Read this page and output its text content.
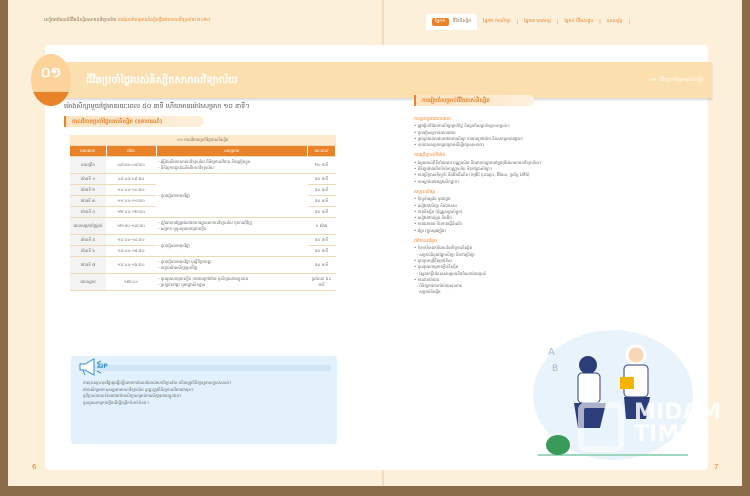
សៀវភៅណែនាំជីវិតនិស្សិតសាកលវិទ្យាល័យ ការណែនាំសម្រាប់និស្សិតថ្មីនៅសាកលវិទ្យាល័យ ២០២៤	ផ្នែក១	ជីវិតនិស្សិត	ផ្នែក២ ការសិក្សា | ផ្នែក៣ សេវាកម្ម | ផ្នែក៤ ជីវិតសង្គម | ឧបសម្ព័ន្ធ |
ជីវិតប្រចាំថ្ងៃរបស់និស្សិតសាកលវិទ្យាល័យ	០១. ជីវិតប្រចាំថ្ងៃរបស់និស្សិត
០១
ម៉ោងសិក្សាមួយថ្ងៃមានរយៈពេល ៥០ នាទី ហើយមានម៉ោងសម្រាក ១០ នាទី។
កាលវិភាគប្រចាំថ្ងៃរបស់និស្សិត (ឧទាហរណ៍)
០១ កាលវិភាគប្រចាំថ្ងៃរបស់និស្សិត			
ពេលវេលា	ម៉ោង	សកម្មភាព	រយៈពេល
ពេលព្រឹក	០៨:៣០-០៨:៥០	- ធ្វើដំណើរមកសាកលវិទ្យាល័យ ពិនិត្យកាលវិភាគ និងត្រៀមខ្លួន
- ពិនិត្យការជូនដំណឹងពីមហាវិទ្យាល័យ	២០ នាទី
ម៉ោងទី ១	០៩:០០-០៩:៥០	- ចូលរៀនតាមមុខវិជ្ជា	៥០ នាទី
ម៉ោងទី ២	១០:០០-១០:៥០		៥០ នាទី
ម៉ោងទី ៣	១១:០០-១១:៥០		៥០ នាទី
ម៉ោងទី ៤	១២:០០-១២:៥០		៥០ នាទី
ពេលសម្រាកថ្ងៃត្រង់	១២:៥០-១៣:៥០	- ញ៉ាំអាហារថ្ងៃត្រង់នៅអាហារដ្ឋានសាកលវិទ្យាល័យ ឬហាងជុំវិញ
- សម្រាក ឬចូលរួមសកម្មភាពក្លឹប	១ ម៉ោង
ម៉ោងទី ៥	១៤:០០-១៤:៥០	- ចូលរៀនតាមមុខវិជ្ជា	៥០ នាទី
ម៉ោងទី ៦	១៥:០០-១៥:៥០		៥០ នាទី
ម៉ោងទី ៧	១៦:០០-១៦:៥០	- ចូលរៀនតាមមុខវិជ្ជា ឬធ្វើកិច្ចការផ្ទះ
- បញ្ចប់ម៉ោងសិក្សាប្រចាំថ្ងៃ	៥០ នាទី
ពេលល្ងាច	១៧:០០-	- ចូលរួមសកម្មភាពក្លឹប ការងារក្រៅម៉ោង ឬសិក្សាដោយខ្លួនឯង
- ត្រឡប់ទៅផ្ទះ ឬអន្តេវាសិកដ្ឋាន	ប្រហែល ៦០ នាទី
TIP
ការចុះឈ្មោះមុខវិជ្ជាគួរធ្វើឡើងតាមការណែនាំរបស់មហាវិទ្យាល័យ ហើយត្រូវពិនិត្យឲ្យបានច្បាស់លាស់។
ម៉ោងសិក្សាអាចខុសគ្នាតាមមហាវិទ្យាល័យ ដូច្នេះត្រូវពិនិត្យកាលវិភាគជាមុន។
ប្រើប្រាស់ពេលទំនេររវាងម៉ោងសិក្សាសម្រាប់ការសិក្សាដោយខ្លួនឯង។
ចូលរួមសកម្មភាពក្លឹបដើម្បីពង្រីកទំនាក់ទំនង។
ការរៀបចំសម្រាប់ជីវិតរបស់និស្សិត
ការគ្រប់គ្រងពេលវេលា
• ត្រូវរៀបចំផែនការសិក្សាប្រចាំថ្ងៃ និងប្រចាំសប្តាហ៍ឲ្យបានច្បាស់។
• ចូលរៀនឲ្យទាន់ពេលវេលា
• គ្រប់គ្រងពេលវេលារវាងការសិក្សា ការងារក្រៅម៉ោង និងសកម្មភាពផ្សេងៗ
• ទុកពេលសម្រាកគ្រប់គ្រាន់ដើម្បីរក្សាសុខភាព។
ការប្រើប្រាស់ទីតាំង
• ស្វែងយល់ពីទីតាំងអគារ បណ្ណាល័យ និងអាហារដ្ឋាននៅក្នុងបរិវេណសាកលវិទ្យាល័យ។
• ពិនិត្យម៉ោងបើកបិទនៃបណ្ណាល័យ និងកន្លែងសិក្សា។
• ការប្រើប្រាស់កុំព្យូទ័រ និងអ៊ីនធឺណិត (កម្មវិធី ចុះឈ្មោះ, អ៊ីមែល, ប្រព័ន្ធ LMS)
• ការស្នាក់នៅអន្តេវាសិកដ្ឋាន។
សម្ភារៈសិក្សា
• កុំព្យូទ័រយួរដៃ ឬថេប្លេត
• សៀវភៅសិក្សា និងឯកសារ
• កាតនិស្សិត (ប័ណ្ណសម្គាល់ខ្លួន)
• សៀវភៅកត់ត្រា និងប៊ិច
• កាតធនាគារ និងកាតធ្វើដំណើរ
• ឆ័ត្រ (ក្នុងរដូវភ្លៀង)
ព័ត៌មានបន្ថែម
• ទំនាក់ទំនងការិយាល័យកិច្ចការនិស្សិត
- សម្រាប់ជំនួយផ្នែកសិក្សា និងការប្រឹក្សា
• ចូលរួមកម្មវិធីតម្រង់ទិស
• ចូលរួមសកម្មភាពក្លឹបនិស្សិត
- ស្វែងរកក្លឹបដែលសមស្របនឹងចំណាប់អារម្មណ៍
• ការធានារ៉ាប់រង
- ពិនិត្យការធានារ៉ាប់រងសុខភាព
សម្រាប់និស្សិត
A
B
MIDAM
TIMES
good news, good people
6	7
